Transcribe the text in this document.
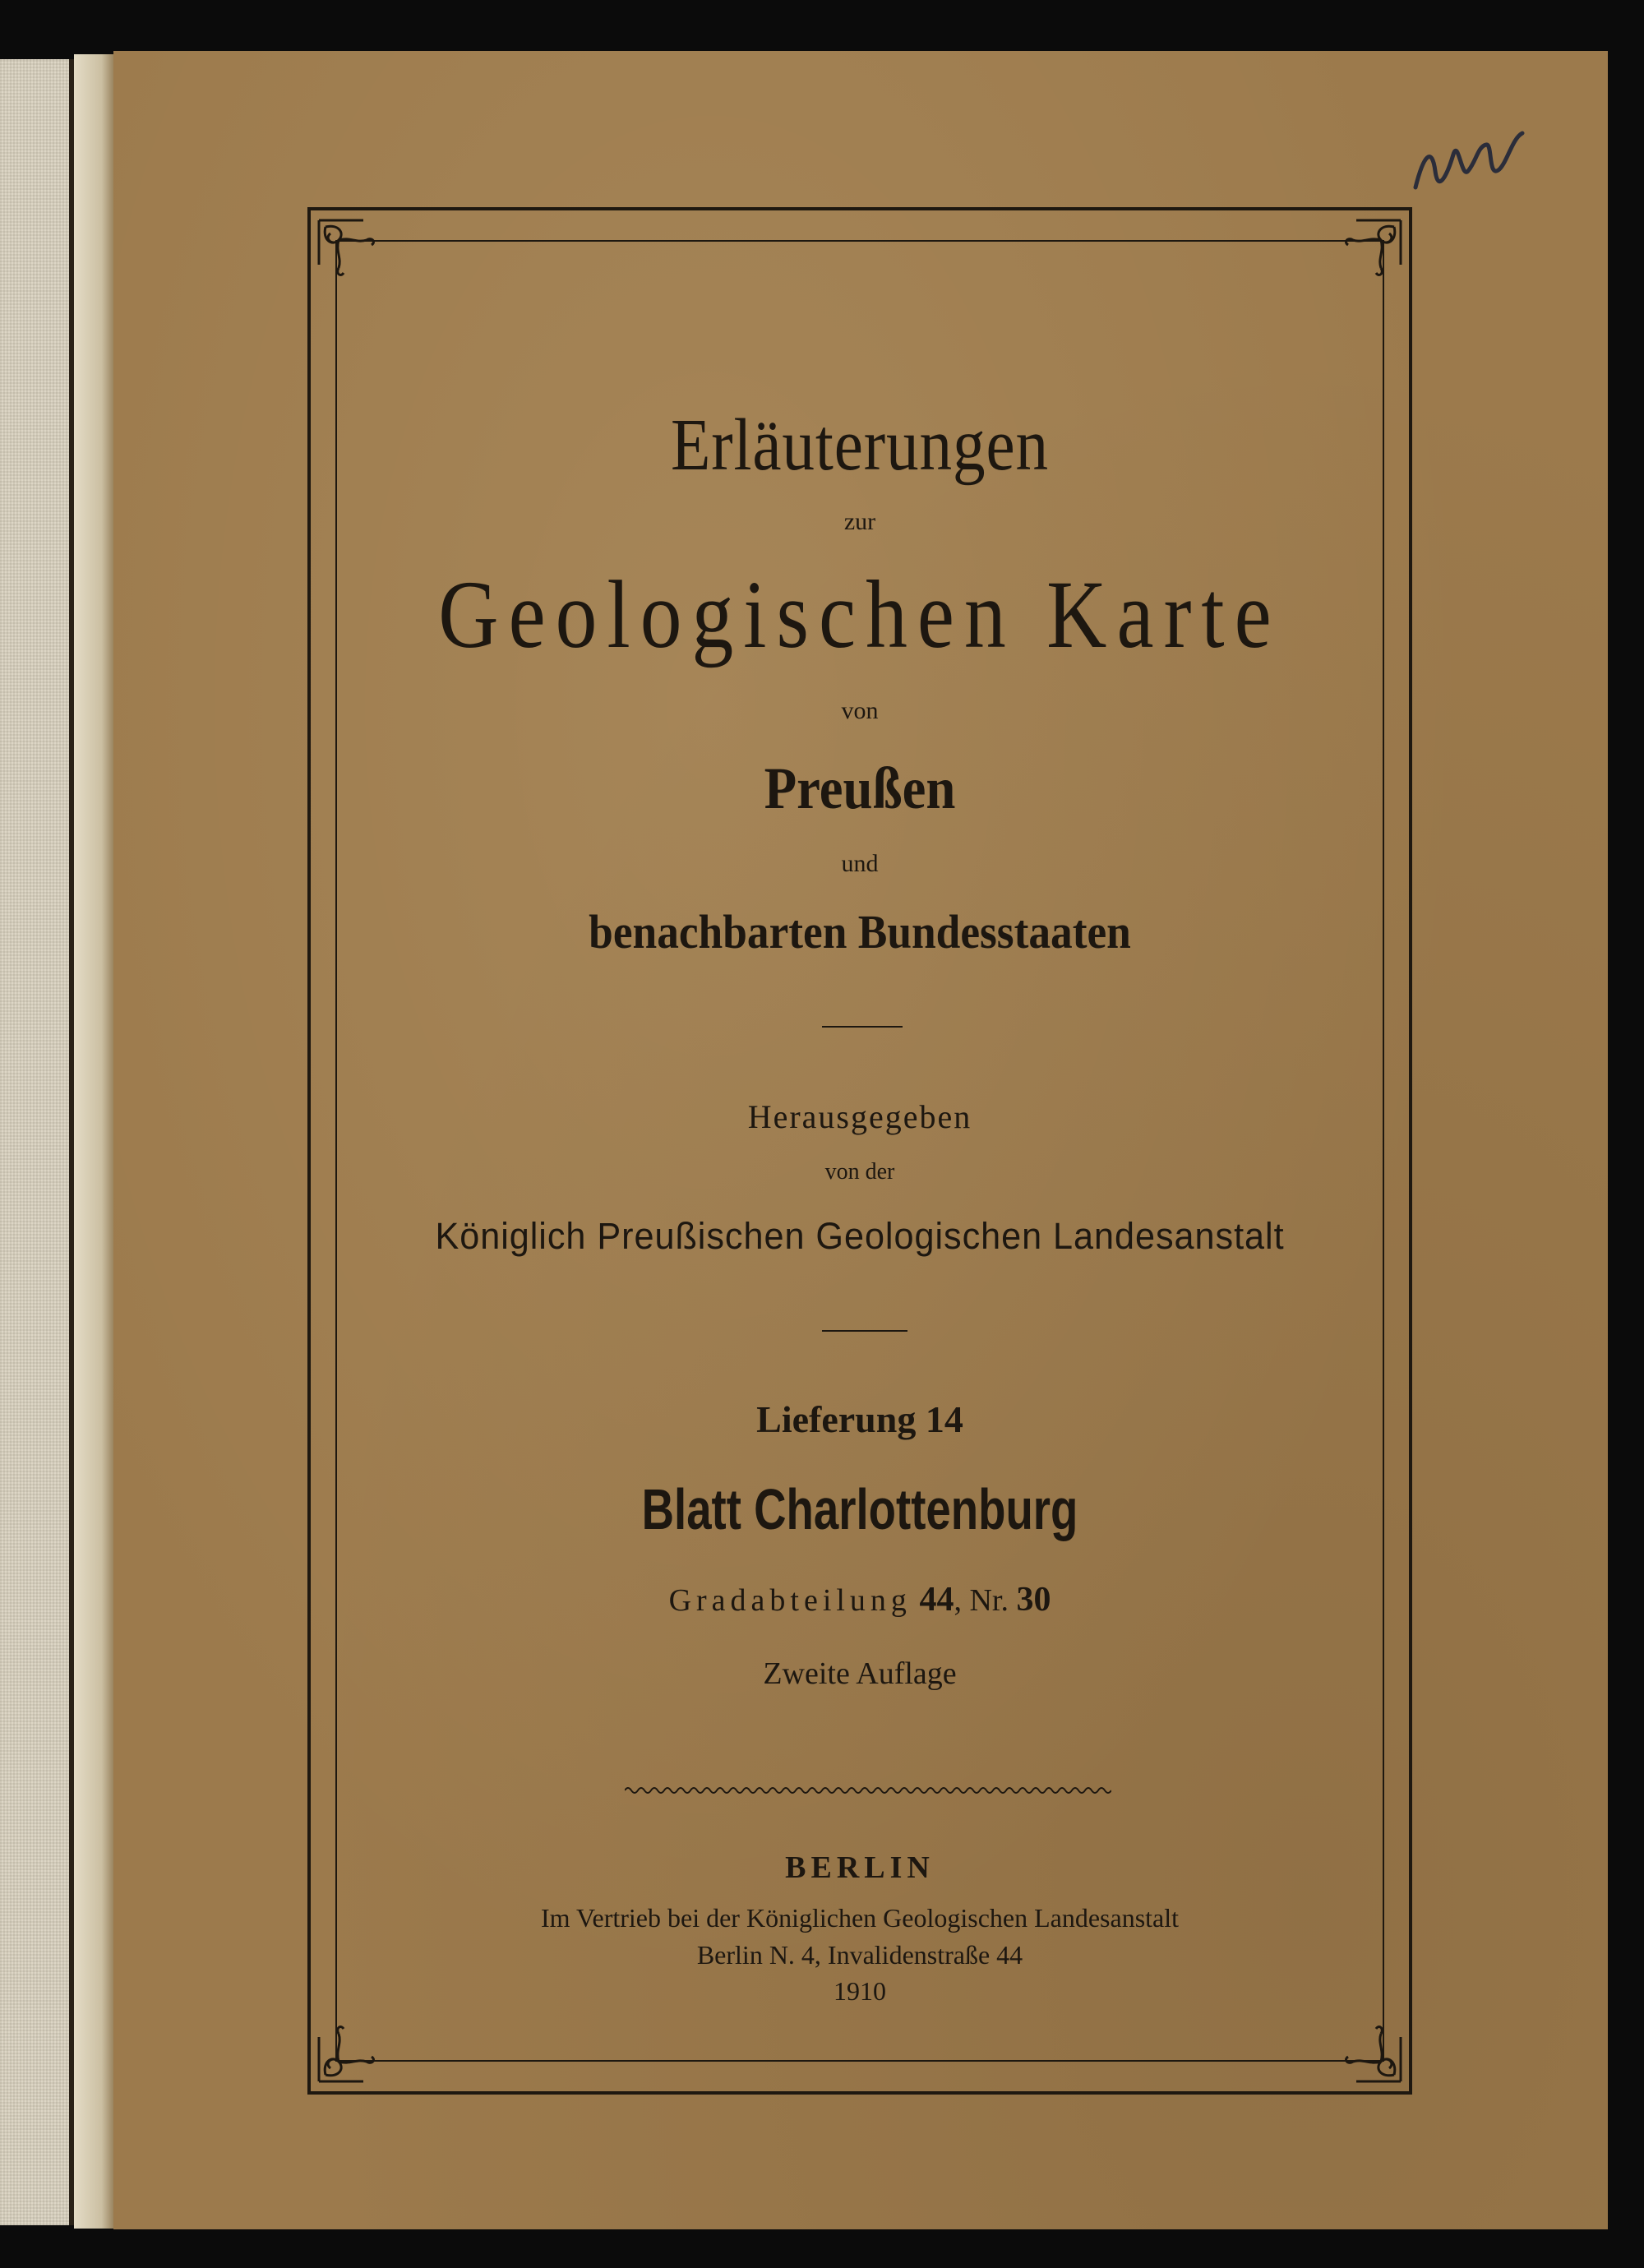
Erläuterungen
zur
Geologischen Karte
von
Preußen
und
benachbarten Bundesstaaten
Herausgegeben
von der
Königlich Preußischen Geologischen Landesanstalt
Lieferung 14
Blatt Charlottenburg
Gradabteilung 44, Nr. 30
Zweite Auflage
BERLIN
Im Vertrieb bei der Königlichen Geologischen Landesanstalt
Berlin N. 4, Invalidenstraße 44
1910
